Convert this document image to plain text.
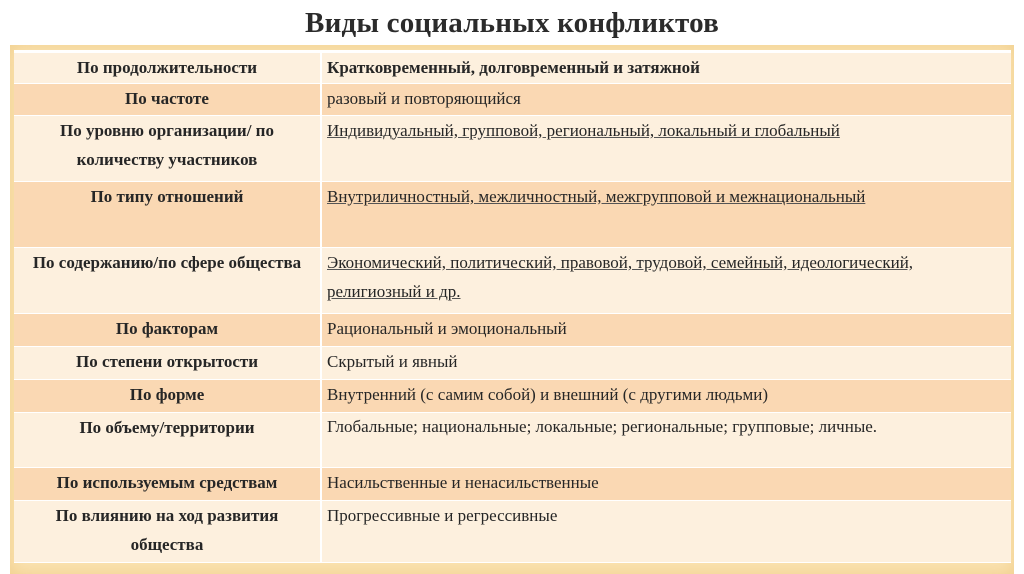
Виды социальных конфликтов
По продолжительности	Кратковременный, долговременный и затяжной
По частоте	разовый и повторяющийся
По уровню организации/ по количеству участников	Индивидуальный, групповой, региональный, локальный и глобальный
По типу отношений	Внутриличностный, межличностный, межгрупповой и межнациональный
По содержанию/по сфере общества	Экономический, политический, правовой, трудовой, семейный, идеологический, религиозный и др.
По факторам	Рациональный и эмоциональный
По степени открытости	Скрытый и явный
По форме	Внутренний (с самим собой) и внешний (с другими людьми)
По объему/территории	Глобальные; национальные; локальные; региональные; групповые; личные.
По используемым средствам	Насильственные и ненасильственные
По влиянию на ход развития общества	Прогрессивные и регрессивные
